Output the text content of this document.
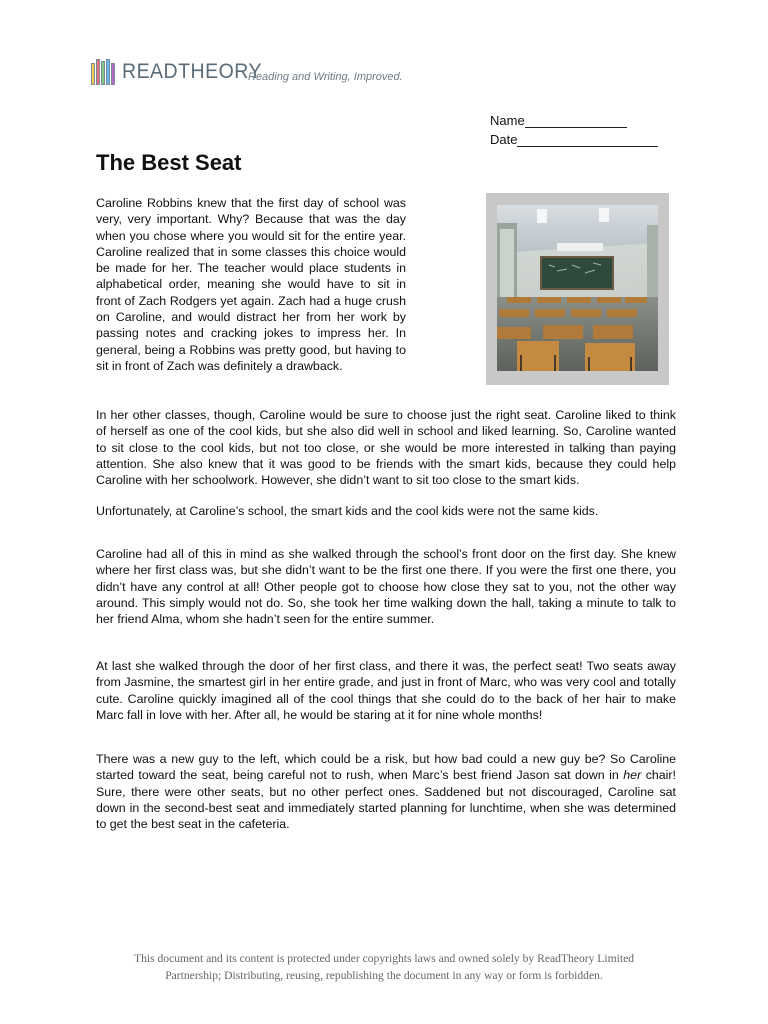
READTHEORY
Reading and Writing, Improved.
Name
Date
The Best Seat

Caroline Robbins knew that the first day of school was very, very important. Why? Because that was the day when you chose where you would sit for the entire year. Caroline realized that in some classes this choice would be made for her. The teacher would place students in alphabetical order, meaning she would have to sit in front of Zach Rodgers yet again. Zach had a huge crush on Caroline, and would distract her from her work by passing notes and cracking jokes to impress her. In general, being a Robbins was pretty good, but having to sit in front of Zach was definitely a drawback.

In her other classes, though, Caroline would be sure to choose just the right seat. Caroline liked to think of herself as one of the cool kids, but she also did well in school and liked learning. So, Caroline wanted to sit close to the cool kids, but not too close, or she would be more interested in talking than paying attention. She also knew that it was good to be friends with the smart kids, because they could help Caroline with her schoolwork. However, she didn’t want to sit too close to the smart kids.

Unfortunately, at Caroline’s school, the smart kids and the cool kids were not the same kids.

Caroline had all of this in mind as she walked through the school’s front door on the first day. She knew where her first class was, but she didn’t want to be the first one there. If you were the first one there, you didn’t have any control at all! Other people got to choose how close they sat to you, not the other way around. This simply would not do. So, she took her time walking down the hall, taking a minute to talk to her friend Alma, whom she hadn’t seen for the entire summer.

At last she walked through the door of her first class, and there it was, the perfect seat! Two seats away from Jasmine, the smartest girl in her entire grade, and just in front of Marc, who was very cool and totally cute. Caroline quickly imagined all of the cool things that she could do to the back of her hair to make Marc fall in love with her. After all, he would be staring at it for nine whole months!

There was a new guy to the left, which could be a risk, but how bad could a new guy be? So Caroline started toward the seat, being careful not to rush, when Marc’s best friend Jason sat down in her chair! Sure, there were other seats, but no other perfect ones. Saddened but not discouraged, Caroline sat down in the second-best seat and immediately started planning for lunchtime, when she was determined to get the best seat in the cafeteria.

This document and its content is protected under copyrights laws and owned solely by ReadTheory Limited
Partnership; Distributing, reusing, republishing the document in any way or form is forbidden.
